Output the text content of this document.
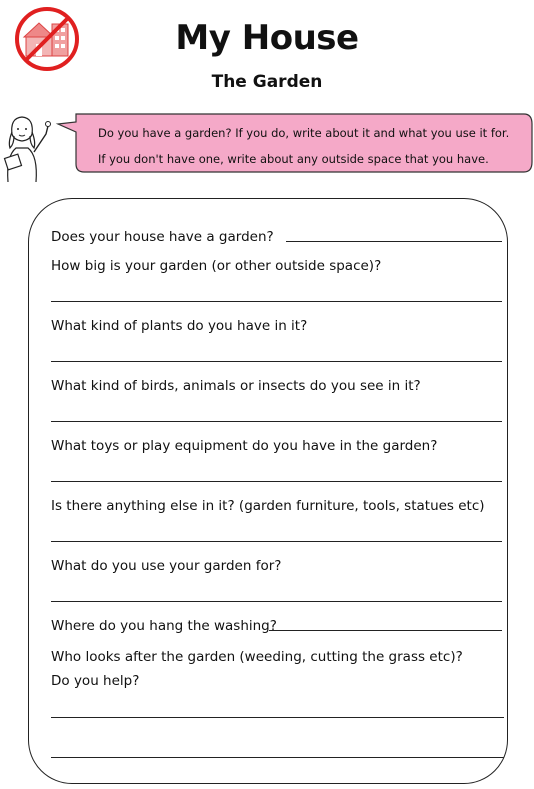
My House
The Garden
Do you have a garden? If you do, write about it and what you use it for. If you don't have one, write about any outside space that you have.
Does your house have a garden?
How big is your garden (or other outside space)?
What kind of plants do you have in it?
What kind of birds, animals or insects do you see in it?
What toys or play equipment do you have in the garden?
Is there anything else in it? (garden furniture, tools, statues etc)
What do you use your garden for?
Where do you hang the washing?
Who looks after the garden (weeding, cutting the grass etc)?
Do you help?
